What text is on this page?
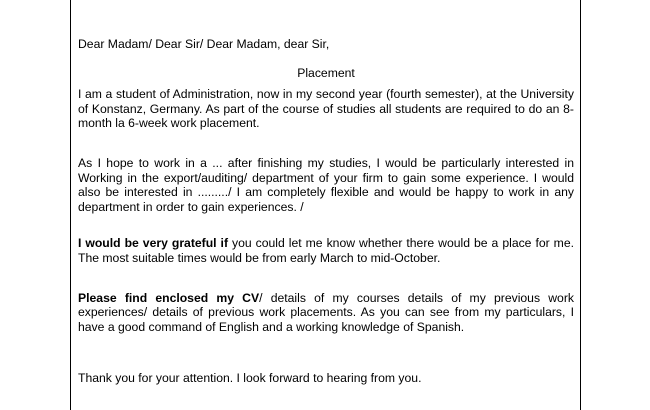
Dear Madam/ Dear Sir/ Dear Madam, dear Sir,

Placement

I am a student of Administration, now in my second year (fourth semester), at the University of Konstanz, Germany. As part of the course of studies all students are required to do an 8-month la 6-week work placement.

As I hope to work in a ... after finishing my studies, I would be particularly interested in Working in the export/auditing/ department of your firm to gain some experience. I would also be interested in ........./ I am completely flexible and would be happy to work in any department in order to gain experiences. /

I would be very grateful if you could let me know whether there would be a place for me. The most suitable times would be from early March to mid-October.

Please find enclosed my CV/ details of my courses details of my previous work experiences/ details of previous work placements. As you can see from my particulars, I have a good command of English and a working knowledge of Spanish.

Thank you for your attention. I look forward to hearing from you.
